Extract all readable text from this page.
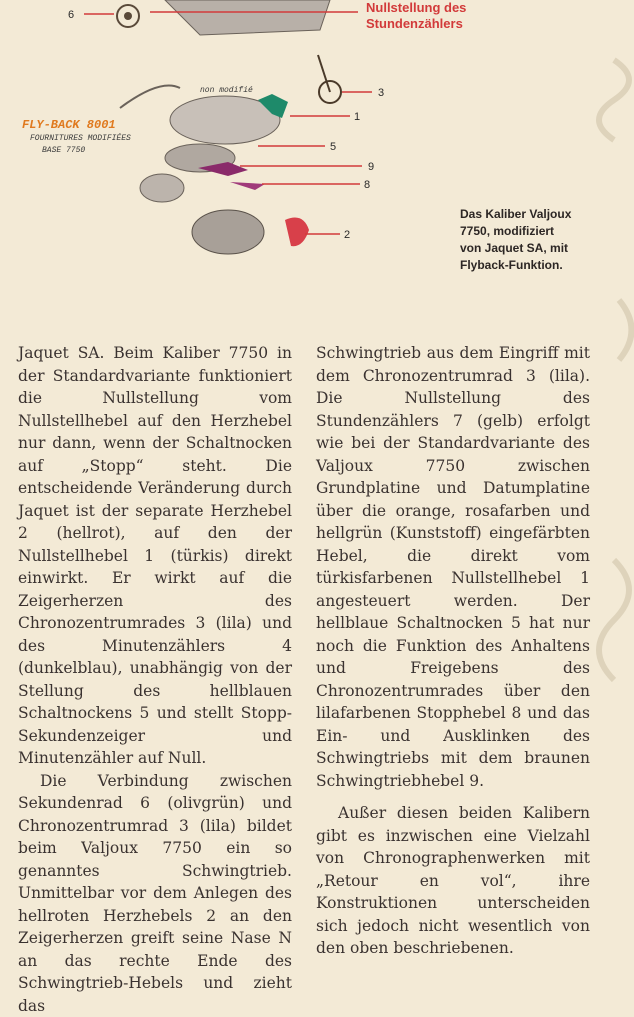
6
3
1
5
9
8
2
FLY-BACK 8001
FOURNITURES MODIFIÉES
BASE 7750
non modifié
Nullstellung des Stundenzählers
Das Kaliber Valjoux
7750, modifiziert
von Jaquet SA, mit
Flyback-Funktion.

Jaquet SA. Beim Kaliber 7750 in der Standardvariante funktioniert die Nullstellung vom Nullstellhebel auf den Herzhebel nur dann, wenn der Schaltnocken auf „Stopp“ steht. Die entscheidende Veränderung durch Jaquet ist der separate Herzhebel 2 (hellrot), auf den der Nullstellhebel 1 (türkis) direkt einwirkt. Er wirkt auf die Zeigerherzen des Chronozentrumrades 3 (lila) und des Minutenzählers 4 (dunkelblau), unabhängig von der Stellung des hellblauen Schaltnockens 5 und stellt Stopp-Sekundenzeiger und Minutenzähler auf Null.

Die Verbindung zwischen Sekundenrad 6 (olivgrün) und Chronozentrumrad 3 (lila) bildet beim Valjoux 7750 ein so genanntes Schwingtrieb. Unmittelbar vor dem Anlegen des hellroten Herzhebels 2 an den Zeigerherzen greift seine Nase N an das rechte Ende des Schwingtrieb-Hebels und zieht das

Schwingtrieb aus dem Eingriff mit dem Chronozentrumrad 3 (lila). Die Nullstellung des Stundenzählers 7 (gelb) erfolgt wie bei der Standardvariante des Valjoux 7750 zwischen Grundplatine und Datumplatine über die orange, rosafarben und hellgrün (Kunststoff) eingefärbten Hebel, die direkt vom türkisfarbenen Nullstellhebel 1 angesteuert werden. Der hellblaue Schaltnocken 5 hat nur noch die Funktion des Anhaltens und Freigebens des Chronozentrumrades über den lilafarbenen Stopphebel 8 und das Ein- und Ausklinken des Schwingtriebs mit dem braunen Schwingtriebhebel 9.

Außer diesen beiden Kalibern gibt es inzwischen eine Vielzahl von Chronographenwerken mit „Retour en vol“, ihre Konstruktionen unterscheiden sich jedoch nicht wesentlich von den oben beschriebenen.
